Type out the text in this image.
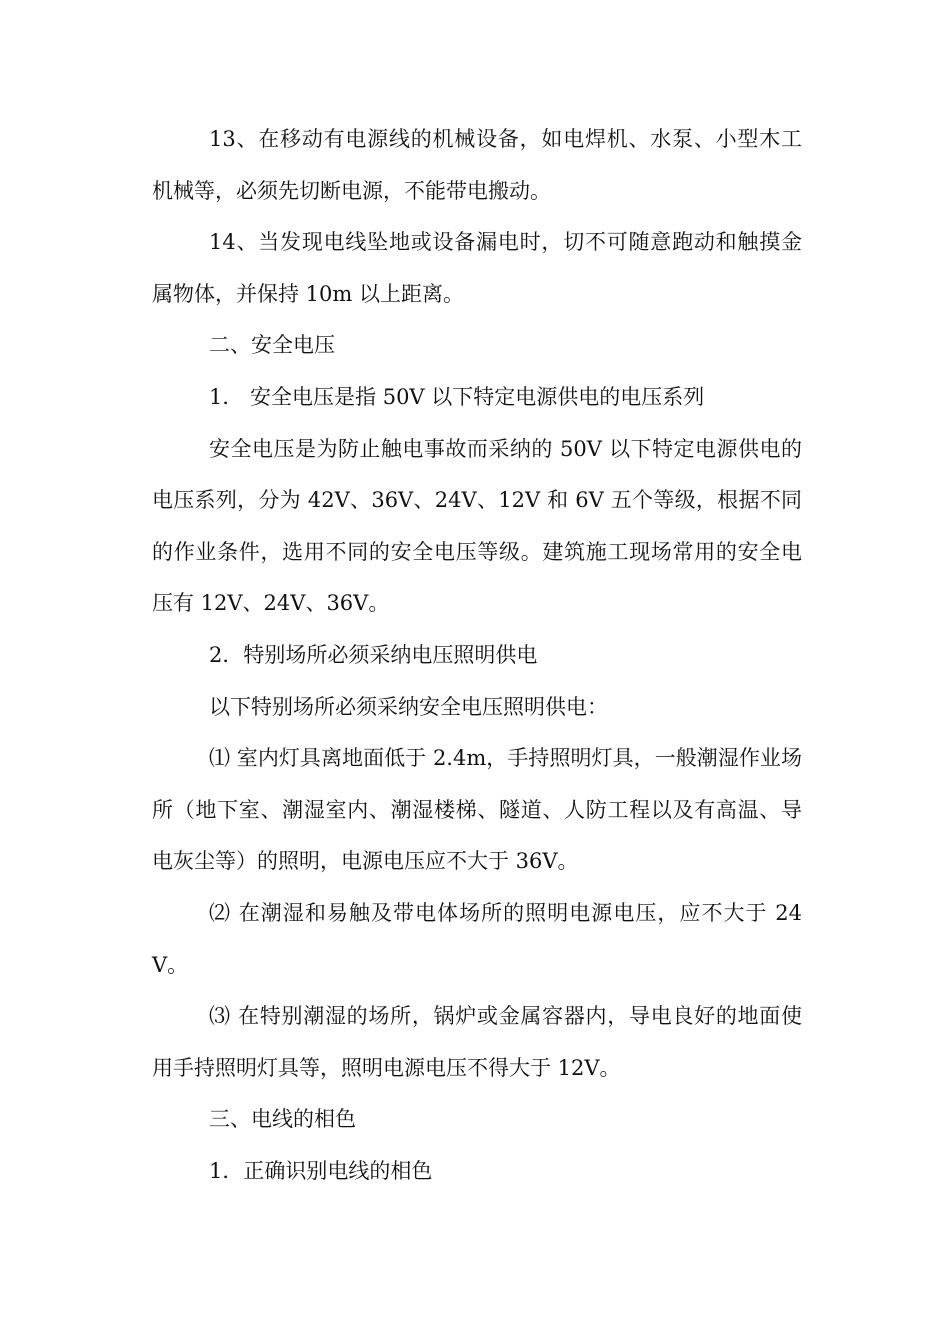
13、在移动有电源线的机械设备，如电焊机、水泵、小型木工机械等，必须先切断电源，不能带电搬动。

14、当发现电线坠地或设备漏电时，切不可随意跑动和触摸金属物体，并保持 10m 以上距离。

二、安全电压

1． 安全电压是指 50V 以下特定电源供电的电压系列

安全电压是为防止触电事故而采纳的 50V 以下特定电源供电的电压系列，分为 42V、36V、24V、12V 和 6V 五个等级，根据不同的作业条件，选用不同的安全电压等级。建筑施工现场常用的安全电压有 12V、24V、36V。

2．特别场所必须采纳电压照明供电

以下特别场所必须采纳安全电压照明供电：

⑴ 室内灯具离地面低于 2.4m，手持照明灯具，一般潮湿作业场所（地下室、潮湿室内、潮湿楼梯、隧道、人防工程以及有高温、导电灰尘等）的照明，电源电压应不大于 36V。

⑵ 在潮湿和易触及带电体场所的照明电源电压，应不大于 24V。

⑶ 在特别潮湿的场所，锅炉或金属容器内，导电良好的地面使用手持照明灯具等，照明电源电压不得大于 12V。

三、电线的相色

1．正确识别电线的相色
